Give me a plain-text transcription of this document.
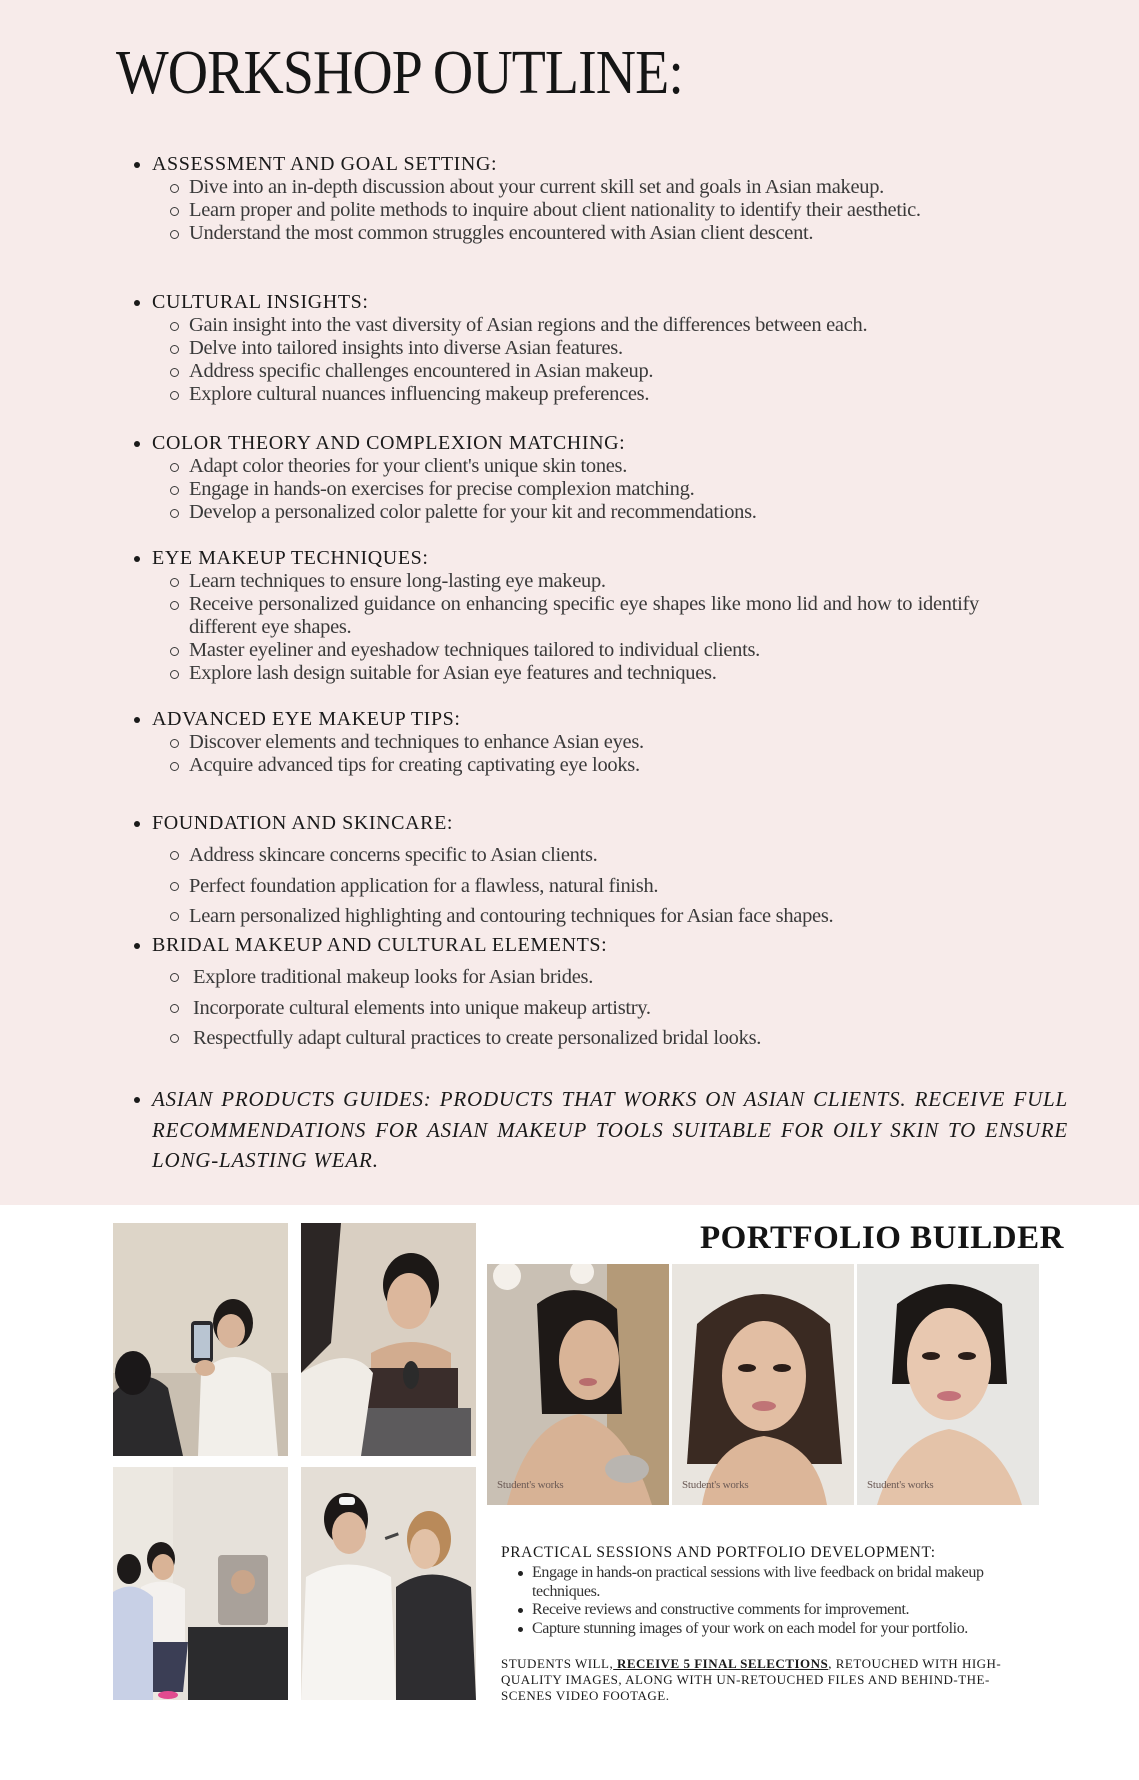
WORKSHOP OUTLINE:
ASSESSMENT AND GOAL SETTING:
Dive into an in-depth discussion about your current skill set and goals in Asian makeup.
Learn proper and polite methods to inquire about client nationality to identify their aesthetic.
Understand the most common struggles encountered with Asian client descent.
CULTURAL INSIGHTS:
Gain insight into the vast diversity of Asian regions and the differences between each.
Delve into tailored insights into diverse Asian features.
Address specific challenges encountered in Asian makeup.
Explore cultural nuances influencing makeup preferences.
COLOR THEORY AND COMPLEXION MATCHING:
Adapt color theories for your client's unique skin tones.
Engage in hands-on exercises for precise complexion matching.
Develop a personalized color palette for your kit and recommendations.
EYE MAKEUP TECHNIQUES:
Learn techniques to ensure long-lasting eye makeup.
Receive personalized guidance on enhancing specific eye shapes like mono lid and how to identify different eye shapes.
Master eyeliner and eyeshadow techniques tailored to individual clients.
Explore lash design suitable for Asian eye features and techniques.
ADVANCED EYE MAKEUP TIPS:
Discover elements and techniques to enhance Asian eyes.
Acquire advanced tips for creating captivating eye looks.
FOUNDATION AND SKINCARE:
Address skincare concerns specific to Asian clients.
Perfect foundation application for a flawless, natural finish.
Learn personalized highlighting and contouring techniques for Asian face shapes.
BRIDAL MAKEUP AND CULTURAL ELEMENTS:
Explore traditional makeup looks for Asian brides.
Incorporate cultural elements into unique makeup artistry.
Respectfully adapt cultural practices to create personalized bridal looks.
ASIAN PRODUCTS GUIDES: PRODUCTS THAT WORKS ON ASIAN CLIENTS. RECEIVE FULL RECOMMENDATIONS FOR ASIAN MAKEUP TOOLS SUITABLE FOR OILY SKIN TO ENSURE LONG-LASTING WEAR.
PORTFOLIO BUILDER
Student's works	Student's works	Student's works
PRACTICAL SESSIONS AND PORTFOLIO DEVELOPMENT:
Engage in hands-on practical sessions with live feedback on bridal makeup techniques.
Receive reviews and constructive comments for improvement.
Capture stunning images of your work on each model for your portfolio.

STUDENTS WILL, RECEIVE 5 FINAL SELECTIONS, RETOUCHED WITH HIGH-QUALITY IMAGES, ALONG WITH UN-RETOUCHED FILES AND BEHIND-THE-SCENES VIDEO FOOTAGE.
